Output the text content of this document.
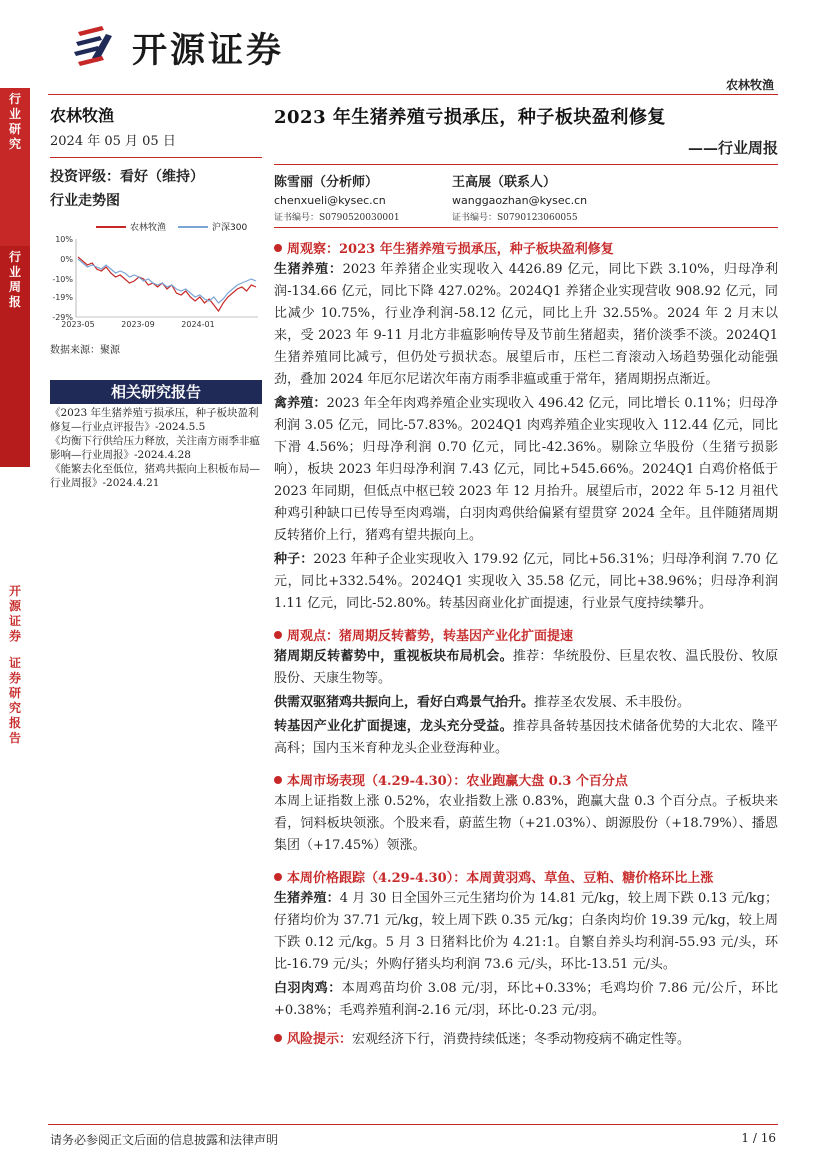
开源证券
农林牧渔
行
业
研
究
行
业
周
报
开
源
证
券
证
券
研
究
报
告
农林牧渔
2024 年 05 月 05 日
投资评级：看好（维持）
行业走势图
农林牧渔	沪深300
10%
0%
-10%
-19%
-29%
2023-05	2023-09	2024-01
数据来源：聚源
相关研究报告
《2023 年生猪养殖亏损承压，种子板块盈利修复—行业点评报告》-2024.5.5
《均衡下行供给压力释放，关注南方雨季非瘟影响—行业周报》-2024.4.28
《能繁去化至低位，猪鸡共振向上积板布局—行业周报》-2024.4.21
2023 年生猪养殖亏损承压，种子板块盈利修复
——行业周报
陈雪丽（分析师）
chenxueli@kysec.cn
证书编号：S0790520030001
王高展（联系人）
wanggaozhan@kysec.cn
证书编号：S0790123060055
周观察：2023 年生猪养殖亏损承压，种子板块盈利修复
生猪养殖：2023 年养猪企业实现收入 4426.89 亿元，同比下跌 3.10%，归母净利润-134.66 亿元，同比下降 427.02%。2024Q1 养猪企业实现营收 908.92 亿元，同比减少 10.75%，行业净利润-58.12 亿元，同比上升 32.55%。2024 年 2 月末以来，受 2023 年 9-11 月北方非瘟影响传导及节前生猪超卖，猪价淡季不淡。2024Q1 生猪养殖同比减亏，但仍处亏损状态。展望后市，压栏二育滚动入场趋势强化动能强劲，叠加 2024 年厄尔尼诺次年南方雨季非瘟或重于常年，猪周期拐点渐近。
禽养殖：2023 年全年肉鸡养殖企业实现收入 496.42 亿元，同比增长 0.11%；归母净利润 3.05 亿元，同比-57.83%。2024Q1 肉鸡养殖企业实现收入 112.44 亿元，同比下滑 4.56%；归母净利润 0.70 亿元，同比-42.36%。剔除立华股份（生猪亏损影响），板块 2023 年归母净利润 7.43 亿元，同比+545.66%。2024Q1 白鸡价格低于 2023 年同期，但低点中枢已较 2023 年 12 月抬升。展望后市，2022 年 5-12 月祖代种鸡引种缺口已传导至肉鸡端，白羽肉鸡供给偏紧有望贯穿 2024 全年。且伴随猪周期反转猪价上行，猪鸡有望共振向上。
种子：2023 年种子企业实现收入 179.92 亿元，同比+56.31%；归母净利润 7.70 亿元，同比+332.54%。2024Q1 实现收入 35.58 亿元，同比+38.96%；归母净利润 1.11 亿元，同比-52.80%。转基因商业化扩面提速，行业景气度持续攀升。
周观点：猪周期反转蓄势，转基因产业化扩面提速
猪周期反转蓄势中，重视板块布局机会。推荐：华统股份、巨星农牧、温氏股份、牧原股份、天康生物等。
供需双驱猪鸡共振向上，看好白鸡景气抬升。推荐圣农发展、禾丰股份。
转基因产业化扩面提速，龙头充分受益。推荐具备转基因技术储备优势的大北农、隆平高科；国内玉米育种龙头企业登海种业。
本周市场表现（4.29-4.30）：农业跑赢大盘 0.3 个百分点
本周上证指数上涨 0.52%，农业指数上涨 0.83%，跑赢大盘 0.3 个百分点。子板块来看，饲料板块领涨。个股来看，蔚蓝生物（+21.03%）、朗源股份（+18.79%）、播恩集团（+17.45%）领涨。
本周价格跟踪（4.29-4.30）：本周黄羽鸡、草鱼、豆粕、糖价格环比上涨
生猪养殖：4 月 30 日全国外三元生猪均价为 14.81 元/kg，较上周下跌 0.13 元/kg；仔猪均价为 37.71 元/kg，较上周下跌 0.35 元/kg；白条肉均价 19.39 元/kg，较上周下跌 0.12 元/kg。5 月 3 日猪料比价为 4.21:1。自繁自养头均利润-55.93 元/头，环比-16.79 元/头；外购仔猪头均利润 73.6 元/头，环比-13.51 元/头。
白羽肉鸡：本周鸡苗均价 3.08 元/羽，环比+0.33%；毛鸡均价 7.86 元/公斤，环比+0.38%；毛鸡养殖利润-2.16 元/羽，环比-0.23 元/羽。
风险提示： 宏观经济下行，消费持续低迷；冬季动物疫病不确定性等。
请务必参阅正文后面的信息披露和法律声明	1 / 16
